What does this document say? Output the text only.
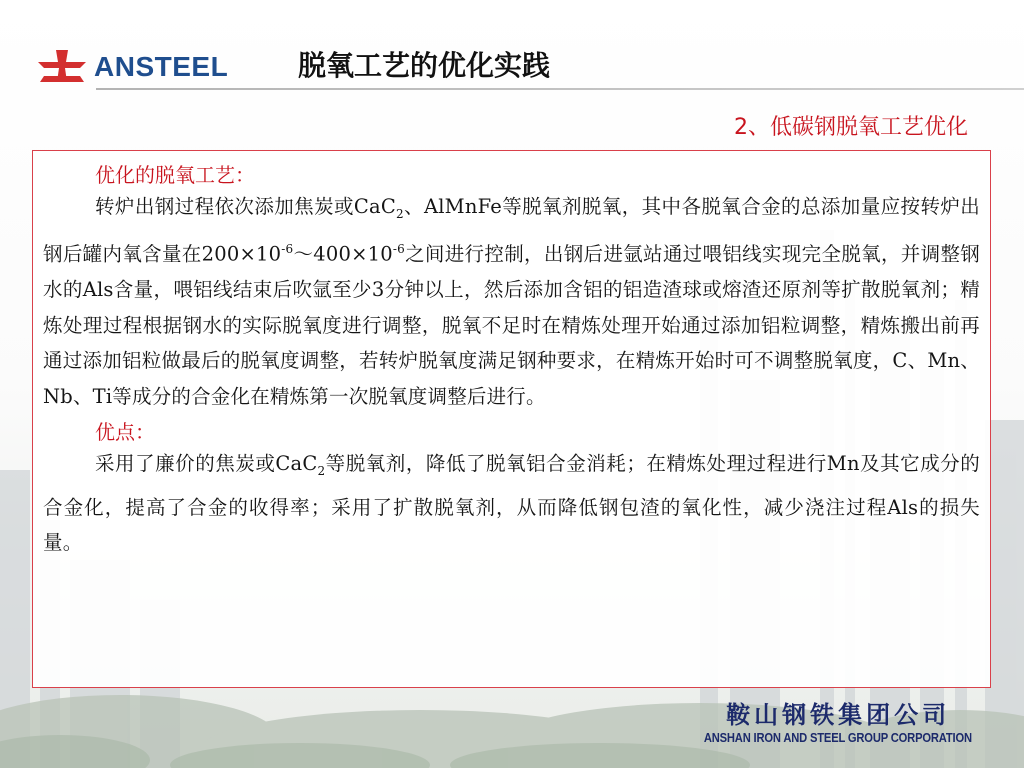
ANSTEEL 脱氧工艺的优化实践
2、低碳钢脱氧工艺优化

优化的脱氧工艺：

转炉出钢过程依次添加焦炭或CaC$_2$、AlMnFe等脱氧剂脱氧，其中各脱氧合金的总添加量应按转炉出钢后罐内氧含量在$200\times 10^{-6}\sim 400\times 10^{-6}$之间进行控制，出钢后进氩站通过喂铝线实现完全脱氧，并调整钢水的Als含量，喂铝线结束后吹氩至少3分钟以上，然后添加含铝的铝造渣球或熔渣还原剂等扩散脱氧剂；精炼处理过程根据钢水的实际脱氧度进行调整，脱氧不足时在精炼处理开始通过添加铝粒调整，精炼搬出前再通过添加铝粒做最后的脱氧度调整，若转炉脱氧度满足钢种要求，在精炼开始时可不调整脱氧度，C、Mn、Nb、Ti等成分的合金化在精炼第一次脱氧度调整后进行。

优点：

采用了廉价的焦炭或CaC$_2$等脱氧剂，降低了脱氧铝合金消耗；在精炼处理过程进行Mn及其它成分的合金化，提高了合金的收得率；采用了扩散脱氧剂，从而降低钢包渣的氧化性，减少浇注过程Als的损失量。

鞍山钢铁集团公司
ANSHAN IRON AND STEEL GROUP CORPORATION
